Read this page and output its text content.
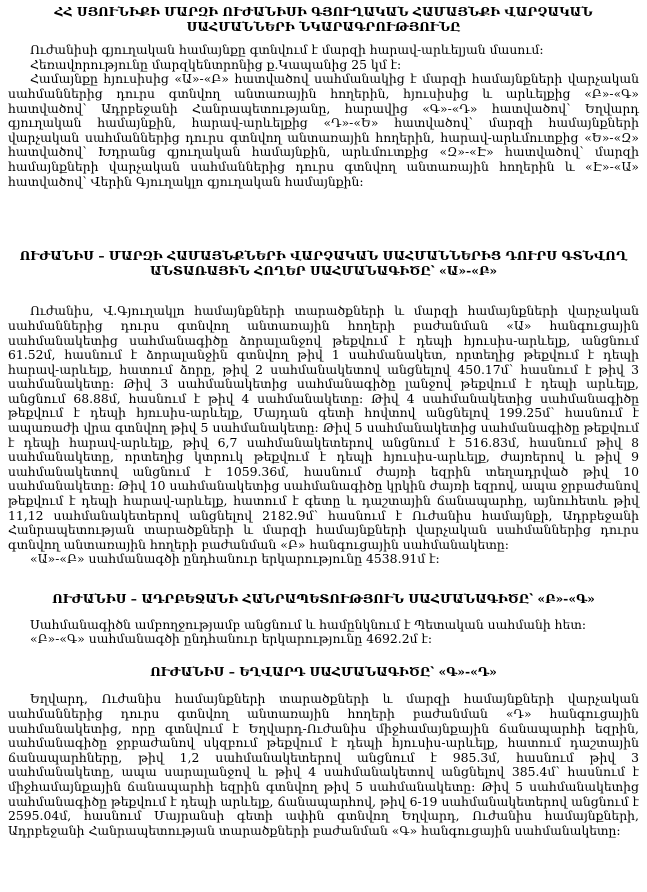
ՀՀ ՍՅՈՒՆԻՔԻ ՄԱՐԶԻ ՈՒԺԱՆԻՍԻ ԳՅՈՒՂԱԿԱՆ ՀԱՄԱՅՆՔԻ ՎԱՐՉԱԿԱՆ
ՍԱՀՄԱՆՆԵՐԻ ՆԿԱՐԱԳՐՈՒԹՅՈՒՆԸ

Ուժանիսի գյուղական համայնքը գտնվում է մարզի հարավ-արևելյան մասում:

Հեռավորությունը մարզկենտրոնից ք.Կապանից 25 կմ է:

Համայնքը հյուսիսից «Ա»-«Բ» հատվածով սահմանակից է մարզի համայնքների վարչական սահմաններից դուրս գտնվող անտառային հողերին, հյուսիսից և արևելքից «Բ»-«Գ» հատվածով՝ Ադրբեջանի Հանրապետությանը, հարավից «Գ»-«Դ» հատվածով՝ Եղվարդ գյուղական համայնքին, հարավ-արևելքից «Դ»-«Ե» հատվածով՝ մարզի համայնքների վարչական սահմաններից դուրս գտնվող անտառային հողերին, հարավ-արևմուտքից «Ե»-«Զ» հատվածով՝ Խդրանց գյուղական համայնքին, արևմուտքից «Զ»-«Է» հատվածով՝ մարզի համայնքների վարչական սահմաններից դուրս գտնվող անտառային հողերին և «Է»-«Ա» հատվածով՝ Վերին Գյուղակլո գյուղական համայնքին:

ՈՒԺԱՆԻՍ – ՄԱՐԶԻ ՀԱՄԱՅՆՔՆԵՐԻ ՎԱՐՉԱԿԱՆ ՍԱՀՄԱՆՆԵՐԻՑ ԴՈՒՐՍ ԳՏՆՎՈՂ
ԱՆՏԱՌԱՅԻՆ ՀՈՂԵՐ ՍԱՀՄԱՆԱԳԻԾԸ՝ «Ա»-«Բ»

Ուժանիս, Վ.Գյուղակլո համայնքների տարածքների և մարզի համայնքների վարչական սահմաններից դուրս գտնվող անտառային հողերի բաժանման «Ա» հանգուցային սահմանակետից սահմանագիծը ձորալանջով թեքվում է դեպի հյուսիս-արևելք, անցնում 61.52մ, հասնում է ձորալանջին գտնվող թիվ 1 սահմանակետ, որտեղից թեքվում է դեպի հարավ-արևելք, հատում ձորը, թիվ 2 սահմանակետով անցնելով 450.17մ՝ հասնում է թիվ 3 սահմանակետը: Թիվ 3 սահմանակետից սահմանագիծը լանջով թեքվում է դեպի արևելք, անցնում 68.88մ, հասնում է թիվ 4 սահմանակետը: Թիվ 4 սահմանակետից սահմանագիծը թեքվում է դեպի հյուսիս-արևելք, Մայդան գետի հովտով անցնելով 199.25մ՝ հասնում է ապառաժի վրա գտնվող թիվ 5 սահմանակետը: Թիվ 5 սահմանակետից սահմանագիծը թեքվում է դեպի հարավ-արևելք, թիվ 6,7 սահմանակետերով անցնում է 516.83մ, հասնում թիվ 8 սահմանակետը, որտեղից կտրուկ թեքվում է դեպի հյուսիս-արևելք, ժայռերով և թիվ 9 սահմանակետով անցնում է 1059.36մ, հասնում ժայռի եզրին տեղադրված թիվ 10 սահմանակետը: Թիվ 10 սահմանակետից սահմանագիծը կրկին ժայռի եզրով, ապա ջրբաժանով թեքվում է դեպի հարավ-արևելք, հատում է գետը և դաշտային ճանապարհը, այնուհետև թիվ 11,12 սահմանակետերով անցնելով 2182.9մ՝ հասնում է Ուժանիս համայնքի, Ադրբեջանի Հանրապետության տարածքների և մարզի համայնքների վարչական սահմաններից դուրս գտնվող անտառային հողերի բաժանման «Բ» հանգուցային սահմանակետը:

«Ա»-«Բ» սահմանագծի ընդհանուր երկարությունը 4538.91մ է:

ՈՒԺԱՆԻՍ – ԱԴՐԲԵՋԱՆԻ ՀԱՆՐԱՊԵՏՈՒԹՅՈՒՆ ՍԱՀՄԱՆԱԳԻԾԸ՝ «Բ»-«Գ»

Սահմանագիծն ամբողջությամբ անցնում և համընկնում է Պետական սահմանի հետ:

«Բ»-«Գ» սահմանագծի ընդհանուր երկարությունը 4692.2մ է:

ՈՒԺԱՆԻՍ – ԵՂՎԱՐԴ ՍԱՀՄԱՆԱԳԻԾԸ՝ «Գ»-«Դ»

Եղվարդ, Ուժանիս համայնքների տարածքների և մարզի համայնքների վարչական սահմաններից դուրս գտնվող անտառային հողերի բաժանման «Դ» հանգուցային սահմանակետից, որը գտնվում է Եղվարդ-Ուժանիս միջհամայնքային ճանապարհի եզրին, սահմանագիծը ջրբաժանով սկզբում թեքվում է դեպի հյուսիս-արևելք, հատում դաշտային ճանապարհները, թիվ 1,2 սահմանակետերով անցնում է 985.3մ, հասնում թիվ 3 սահմանակետը, ապա սարալանջով և թիվ 4 սահմանակետով անցնելով 385.4մ՝ հասնում է միջհամայնքային ճանապարհի եզրին գտնվող թիվ 5 սահմանակետը: Թիվ 5 սահմանակետից սահմանագիծը թեքվում է դեպի արևելք, ճանապարհով, թիվ 6-19 սահմանակետերով անցնում է 2595.04մ, հասնում Մայրանսի գետի ափին գտնվող Եղվարդ, Ուժանիս համայնքների, Ադրբեջանի Հանրապետության տարածքների բաժանման «Գ» հանգուցային սահմանակետը:
